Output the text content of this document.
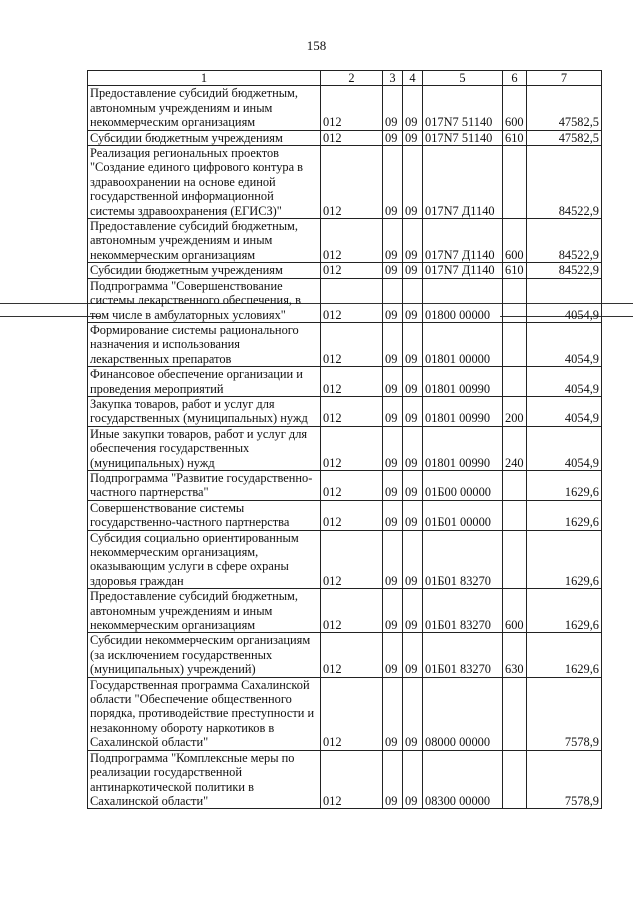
158
1	2	3	4	5	6	7
Предоставление субсидий бюджетным, автономным учреждениям и иным некоммерческим организациям	012	09	09	017N7 51140	600	47582,5
Субсидии бюджетным учреждениям	012	09	09	017N7 51140	610	47582,5
Реализация региональных проектов "Создание единого цифрового контура в здравоохранении на основе единой государственной информационной системы здравоохранения (ЕГИСЗ)"	012	09	09	017N7 Д1140		84522,9
Предоставление субсидий бюджетным, автономным учреждениям и иным некоммерческим организациям	012	09	09	017N7 Д1140	600	84522,9
Субсидии бюджетным учреждениям	012	09	09	017N7 Д1140	610	84522,9
Подпрограмма "Совершенствование системы лекарственного обеспечения, в том числе в амбулаторных условиях"	012	09	09	01800 00000		4054,9
Формирование системы рационального назначения и использования лекарственных препаратов	012	09	09	01801 00000		4054,9
Финансовое обеспечение организации и проведения мероприятий	012	09	09	01801 00990		4054,9
Закупка товаров, работ и услуг для государственных (муниципальных) нужд	012	09	09	01801 00990	200	4054,9
Иные закупки товаров, работ и услуг для обеспечения государственных (муниципальных) нужд	012	09	09	01801 00990	240	4054,9
Подпрограмма "Развитие государственно-частного партнерства"	012	09	09	01Б00 00000		1629,6
Совершенствование системы государственно-частного партнерства	012	09	09	01Б01 00000		1629,6
Субсидия социально ориентированным некоммерческим организациям, оказывающим услуги в сфере охраны здоровья граждан	012	09	09	01Б01 83270		1629,6
Предоставление субсидий бюджетным, автономным учреждениям и иным некоммерческим организациям	012	09	09	01Б01 83270	600	1629,6
Субсидии некоммерческим организациям (за исключением государственных (муниципальных) учреждений)	012	09	09	01Б01 83270	630	1629,6
Государственная программа Сахалинской области "Обеспечение общественного порядка, противодействие преступности и незаконному обороту наркотиков в Сахалинской области"	012	09	09	08000 00000		7578,9
Подпрограмма "Комплексные меры по реализации государственной антинаркотической политики в Сахалинской области"	012	09	09	08300 00000		7578,9
